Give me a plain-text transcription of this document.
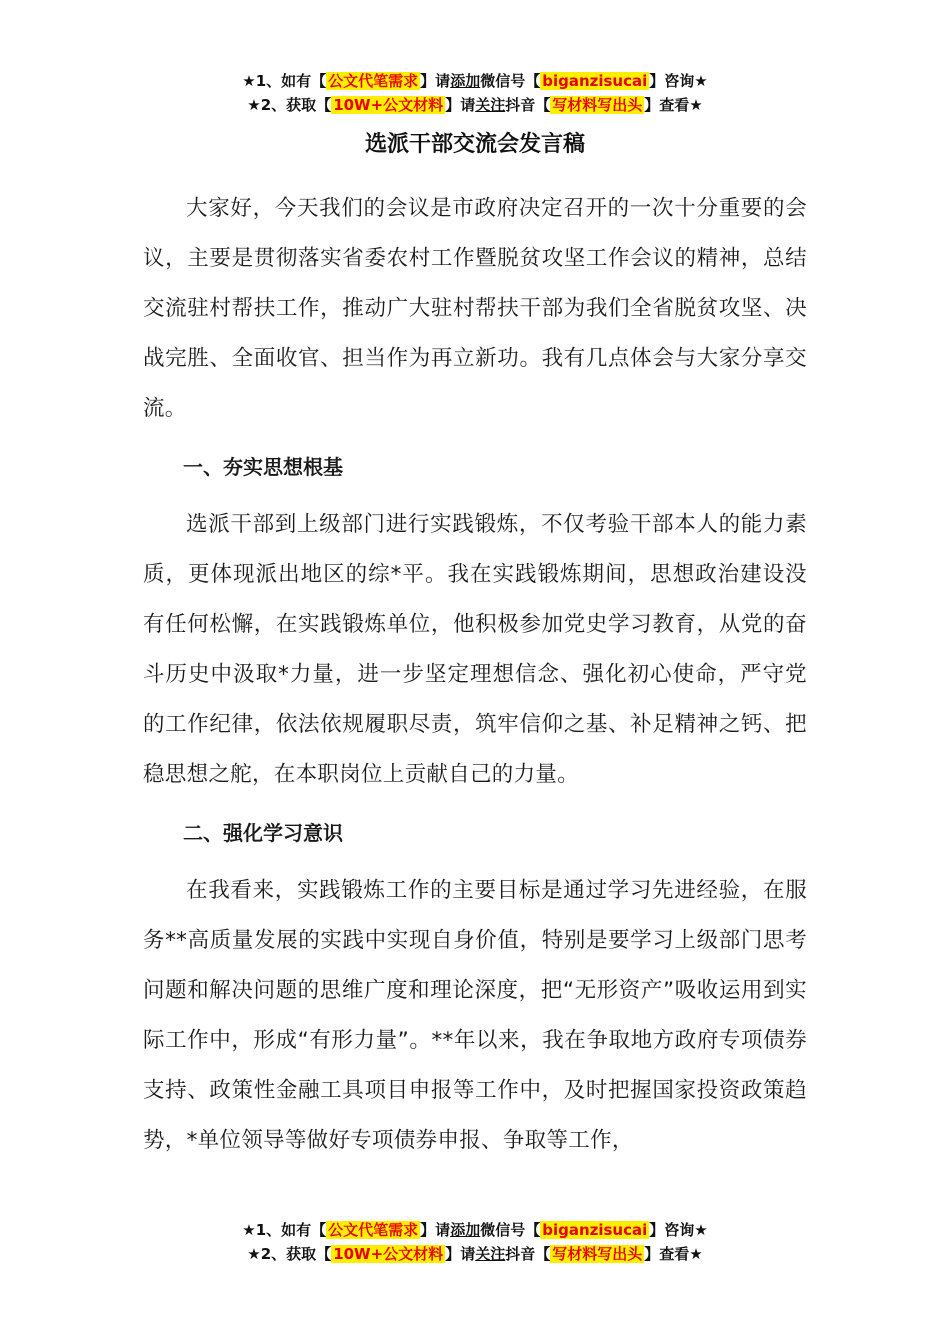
★1、如有【 公文代笔需求 】请添加微信号【 biganzisucai 】咨询★
★2、获取【 10W+公文材料 】请关注抖音【 写材料写出头 】查看★
选派干部交流会发言稿

大家好，今天我们的会议是市政府决定召开的一次十分重要的会议，主要是贯彻落实省委农村工作暨脱贫攻坚工作会议的精神，总结交流驻村帮扶工作，推动广大驻村帮扶干部为我们全省脱贫攻坚、决战完胜、全面收官、担当作为再立新功。我有几点体会与大家分享交流。

一、夯实思想根基

选派干部到上级部门进行实践锻炼，不仅考验干部本人的能力素质，更体现派出地区的综*平。我在实践锻炼期间，思想政治建设没有任何松懈，在实践锻炼单位，他积极参加党史学习教育，从党的奋斗历史中汲取*力量，进一步坚定理想信念、强化初心使命，严守党的工作纪律，依法依规履职尽责，筑牢信仰之基、补足精神之钙、把稳思想之舵，在本职岗位上贡献自己的力量。

二、强化学习意识

在我看来，实践锻炼工作的主要目标是通过学习先进经验，在服务**高质量发展的实践中实现自身价值，特别是要学习上级部门思考问题和解决问题的思维广度和理论深度，把“无形资产”吸收运用到实际工作中，形成“有形力量”。**年以来，我在争取地方政府专项债券支持、政策性金融工具项目申报等工作中，及时把握国家投资政策趋势，*单位领导等做好专项债券申报、争取等工作，

★1、如有【 公文代笔需求 】请添加微信号【 biganzisucai 】咨询★
★2、获取【 10W+公文材料 】请关注抖音【 写材料写出头 】查看★
